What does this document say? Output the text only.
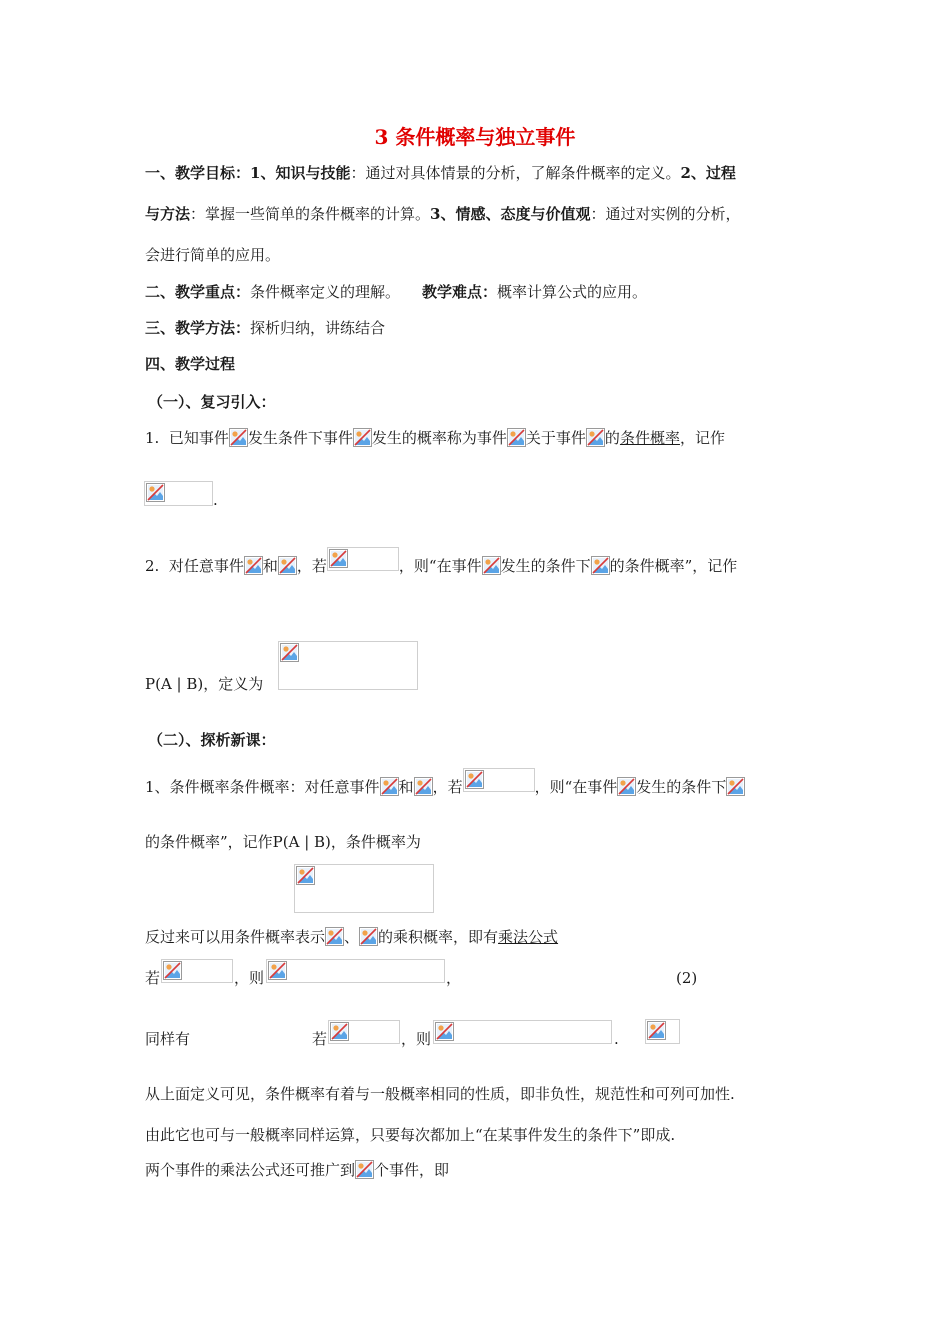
3 条件概率与独立事件
一、教学目标：1、知识与技能：通过对具体情景的分析，了解条件概率的定义。2、过程
与方法：掌握一些简单的条件概率的计算。3、情感、态度与价值观：通过对实例的分析，
会进行简单的应用。
二、教学重点：条件概率定义的理解。 教学难点：概率计算公式的应用。
三、教学方法：探析归纳，讲练结合
四、教学过程
（一）、复习引入：
1. 已知事件 发生条件下事件 发生的概率称为事件 关于事件 的条件概率，记作
.
2. 对任意事件 和 ，若	，则“在事件 发生的条件下 的条件概率”，记作
P(A | B)，定义为
（二）、探析新课：
1、条件概率条件概率：对任意事件 和 ，若	，则“在事件 发生的条件下
的条件概率”，记作P(A | B)，条件概率为
反过来可以用条件概率表示 、 的乘积概率，即有乘法公式
若	，则	，	(2)
同样有	若	，则	.
从上面定义可见，条件概率有着与一般概率相同的性质，即非负性，规范性和可列可加性.
由此它也可与一般概率同样运算，只要每次都加上“在某事件发生的条件下”即成.
两个事件的乘法公式还可推广到 个事件，即
